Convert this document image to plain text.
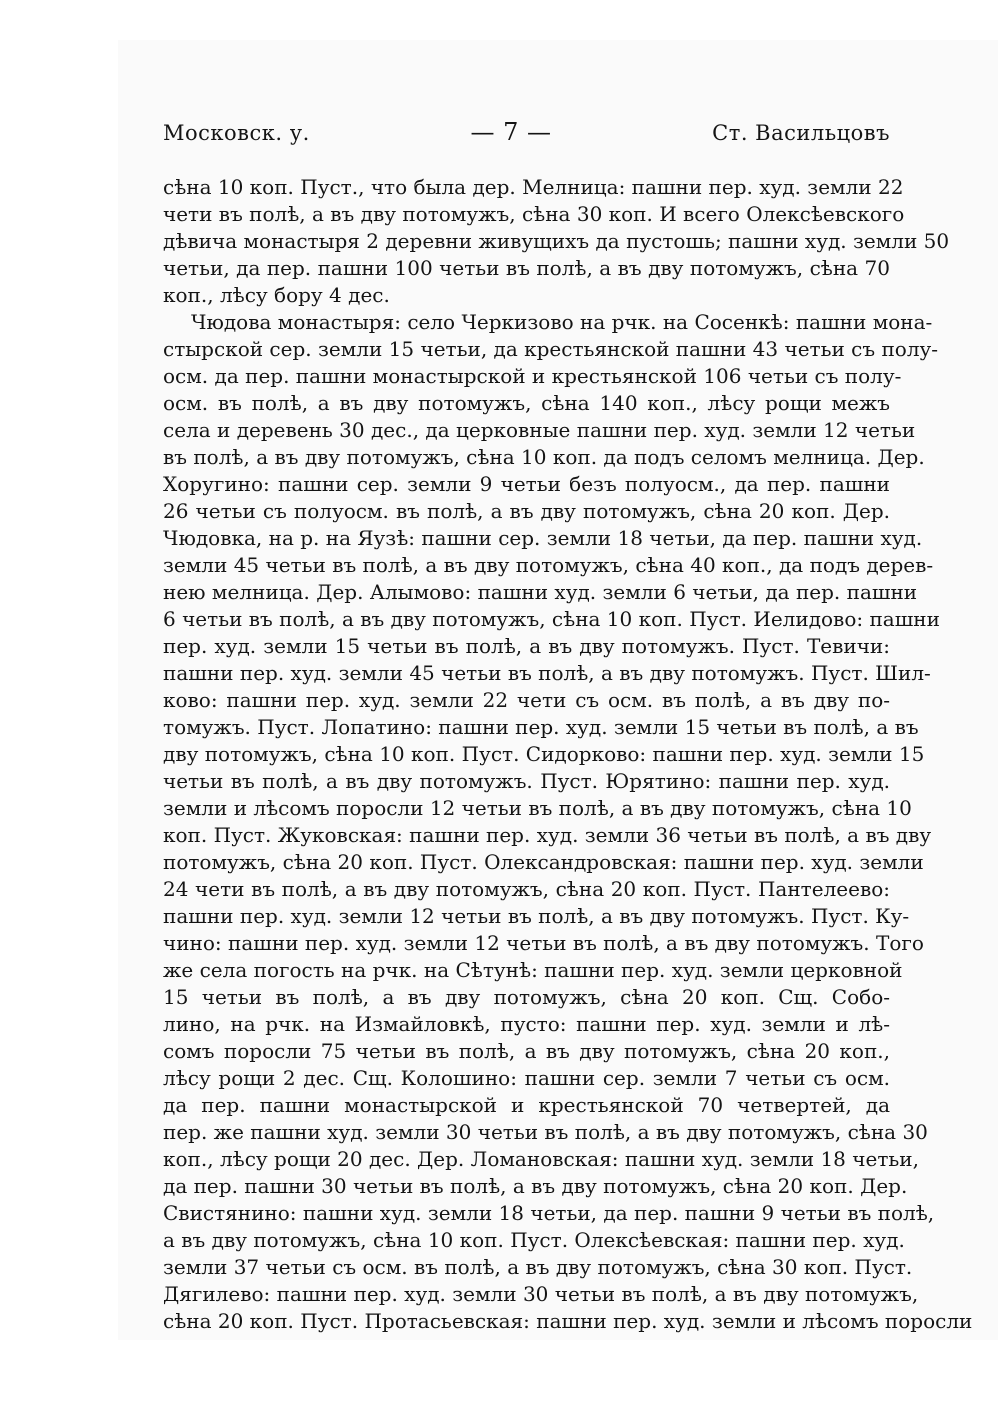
Московск. у.	— 7 —	Ст. Васильцовъ
сѣна 10 коп. Пуст., что была дер. Мелница: пашни пер. худ. земли 22
чети въ полѣ, а въ дву потомужъ, сѣна 30 коп. И всего Олексѣевского
дѣвича монастыря 2 деревни живущихъ да пустошь; пашни худ. земли 50
четьи, да пер. пашни 100 четьи въ полѣ, а въ дву потомужъ, сѣна 70
коп., лѣсу бору 4 дес.
Чюдова монастыря: село Черкизово на рчк. на Сосенкѣ: пашни мона-
стырской сер. земли 15 четьи, да крестьянской пашни 43 четьи съ полу-
осм. да пер. пашни монастырской и крестьянской 106 четьи съ полу-
осм. въ полѣ, а въ дву потомужъ, сѣна 140 коп., лѣсу рощи межъ
села и деревень 30 дес., да церковные пашни пер. худ. земли 12 четьи
въ полѣ, а въ дву потомужъ, сѣна 10 коп. да подъ селомъ мелница. Дер.
Хоругино: пашни сер. земли 9 четьи безъ полуосм., да пер. пашни
26 четьи съ полуосм. въ полѣ, а въ дву потомужъ, сѣна 20 коп. Дер.
Чюдовка, на р. на Яузѣ: пашни сер. земли 18 четьи, да пер. пашни худ.
земли 45 четьи въ полѣ, а въ дву потомужъ, сѣна 40 коп., да подъ дерев-
нею мелница. Дер. Алымово: пашни худ. земли 6 четьи, да пер. пашни
6 четьи въ полѣ, а въ дву потомужъ, сѣна 10 коп. Пуст. Иелидово: пашни
пер. худ. земли 15 четьи въ полѣ, а въ дву потомужъ. Пуст. Тевичи:
пашни пер. худ. земли 45 четьи въ полѣ, а въ дву потомужъ. Пуст. Шил-
ково: пашни пер. худ. земли 22 чети съ осм. въ полѣ, а въ дву по-
томужъ. Пуст. Лопатино: пашни пер. худ. земли 15 четьи въ полѣ, а въ
дву потомужъ, сѣна 10 коп. Пуст. Сидорково: пашни пер. худ. земли 15
четьи въ полѣ, а въ дву потомужъ. Пуст. Юрятино: пашни пер. худ.
земли и лѣсомъ поросли 12 четьи въ полѣ, а въ дву потомужъ, сѣна 10
коп. Пуст. Жуковская: пашни пер. худ. земли 36 четьи въ полѣ, а въ дву
потомужъ, сѣна 20 коп. Пуст. Олександровская: пашни пер. худ. земли
24 чети въ полѣ, а въ дву потомужъ, сѣна 20 коп. Пуст. Пантелеево:
пашни пер. худ. земли 12 четьи въ полѣ, а въ дву потомужъ. Пуст. Ку-
чино: пашни пер. худ. земли 12 четьи въ полѣ, а въ дву потомужъ. Того
же села погость на рчк. на Сѣтунѣ: пашни пер. худ. земли церковной
15 четьи въ полѣ, а въ дву потомужъ, сѣна 20 коп. Сщ. Собо-
лино, на рчк. на Измайловкѣ, пусто: пашни пер. худ. земли и лѣ-
сомъ поросли 75 четьи въ полѣ, а въ дву потомужъ, сѣна 20 коп.,
лѣсу рощи 2 дес. Сщ. Колошино: пашни сер. земли 7 четьи съ осм.
да пер. пашни монастырской и крестьянской 70 четвертей, да
пер. же пашни худ. земли 30 четьи въ полѣ, а въ дву потомужъ, сѣна 30
коп., лѣсу рощи 20 дес. Дер. Ломановская: пашни худ. земли 18 четьи,
да пер. пашни 30 четьи въ полѣ, а въ дву потомужъ, сѣна 20 коп. Дер.
Свистянино: пашни худ. земли 18 четьи, да пер. пашни 9 четьи въ полѣ,
а въ дву потомужъ, сѣна 10 коп. Пуст. Олексѣевская: пашни пер. худ.
земли 37 четьи съ осм. въ полѣ, а въ дву потомужъ, сѣна 30 коп. Пуст.
Дягилево: пашни пер. худ. земли 30 четьи въ полѣ, а въ дву потомужъ,
сѣна 20 коп. Пуст. Протасьевская: пашни пер. худ. земли и лѣсомъ поросли
